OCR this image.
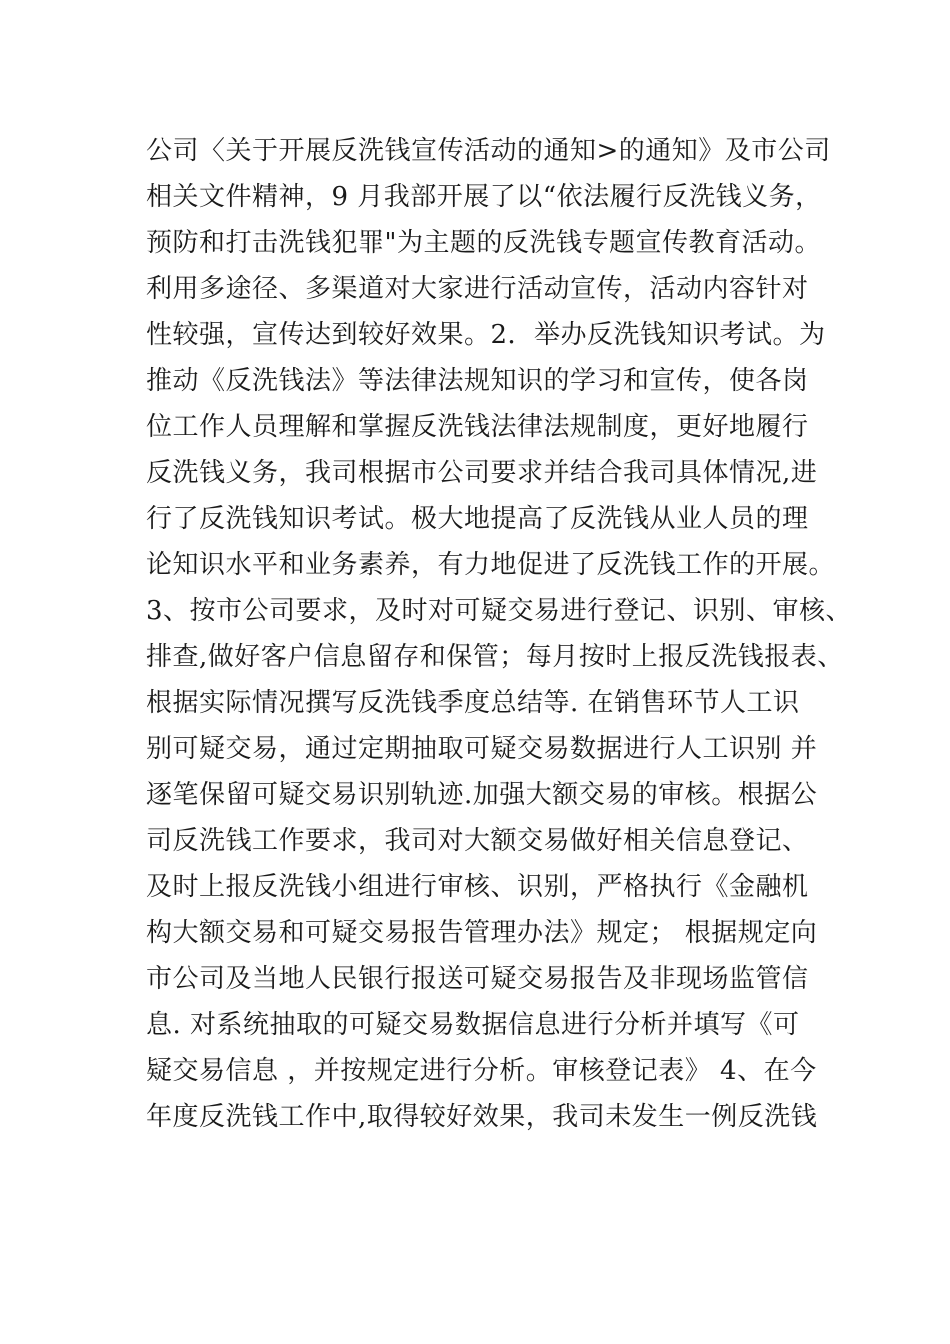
公司〈关于开展反洗钱宣传活动的通知>的通知》及市公司
相关文件精神，9 月我部开展了以“依法履行反洗钱义务，
预防和打击洗钱犯罪"为主题的反洗钱专题宣传教育活动。
利用多途径、多渠道对大家进行活动宣传，活动内容针对
性较强，宣传达到较好效果。2．举办反洗钱知识考试。为
推动《反洗钱法》等法律法规知识的学习和宣传，使各岗
位工作人员理解和掌握反洗钱法律法规制度，更好地履行
反洗钱义务，我司根据市公司要求并结合我司具体情况,进
行了反洗钱知识考试。极大地提高了反洗钱从业人员的理
论知识水平和业务素养，有力地促进了反洗钱工作的开展。
3、按市公司要求，及时对可疑交易进行登记、识别、审核、
排查,做好客户信息留存和保管；每月按时上报反洗钱报表、
根据实际情况撰写反洗钱季度总结等. 在销售环节人工识
别可疑交易，通过定期抽取可疑交易数据进行人工识别 并
逐笔保留可疑交易识别轨迹.加强大额交易的审核。根据公
司反洗钱工作要求，我司对大额交易做好相关信息登记、
及时上报反洗钱小组进行审核、识别，严格执行《金融机
构大额交易和可疑交易报告管理办法》规定； 根据规定向
市公司及当地人民银行报送可疑交易报告及非现场监管信
息. 对系统抽取的可疑交易数据信息进行分析并填写《可
疑交易信息 ，并按规定进行分析。审核登记表》 4、在今
年度反洗钱工作中,取得较好效果，我司未发生一例反洗钱
